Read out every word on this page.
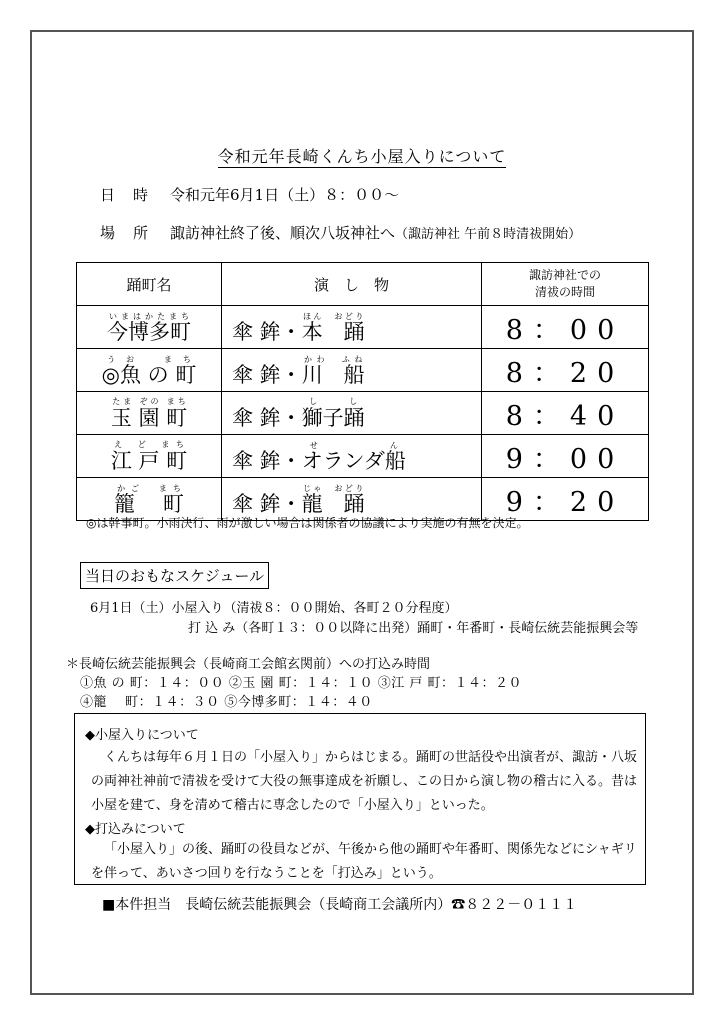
令和元年長崎くんち小屋入りについて
日時 令和元年6月1日（土）８：００～
場所 諏訪神社終了後、順次八坂神社へ（諏訪神社 午前８時清祓開始）
踊町名	演　し　物	諏訪神社での
清祓の時間

今博多町いまはかたまち	傘 鉾・本　踊ほん　おどり	8：00
◎魚 の 町うお　まち	傘 鉾・川　船かわ　ふね	8：20
玉 園 町たま ぞの まち	傘 鉾・獅子踊し し	8：40
江 戸 町え ど まち	傘 鉾・オランダ船せん	9：00
籠　 町かご　まち	傘 鉾・龍　踊じゃ　おどり	9：20
◎は幹事町。小雨決行、雨が激しい場合は関係者の協議により実施の有無を決定。
当日のおもなスケジュール
6月1日（土）小屋入り（清祓８：００開始、各町２０分程度）
打 込 み（各町１３：００以降に出発）踊町・年番町・長崎伝統芸能振興会等
＊長崎伝統芸能振興会（長崎商工会館玄関前）への打込み時間
①魚 の 町：１４：００ ②玉 園 町：１４：１０ ③江 戸 町：１４：２０
④籠　 町：１４：３０ ⑤今博多町：１４：４０
◆小屋入りについて
くんちは毎年６月１日の「小屋入り」からはじまる。踊町の世話役や出演者が、諏訪・八坂の両神社神前で清祓を受けて大役の無事達成を祈願し、この日から演し物の稽古に入る。昔は小屋を建て、身を清めて稽古に専念したので「小屋入り」といった。
◆打込みについて
「小屋入り」の後、踊町の役員などが、午後から他の踊町や年番町、関係先などにシャギリを伴って、あいさつ回りを行なうことを「打込み」という。
■本件担当　長崎伝統芸能振興会（長崎商工会議所内）☎８２２－０１１１
